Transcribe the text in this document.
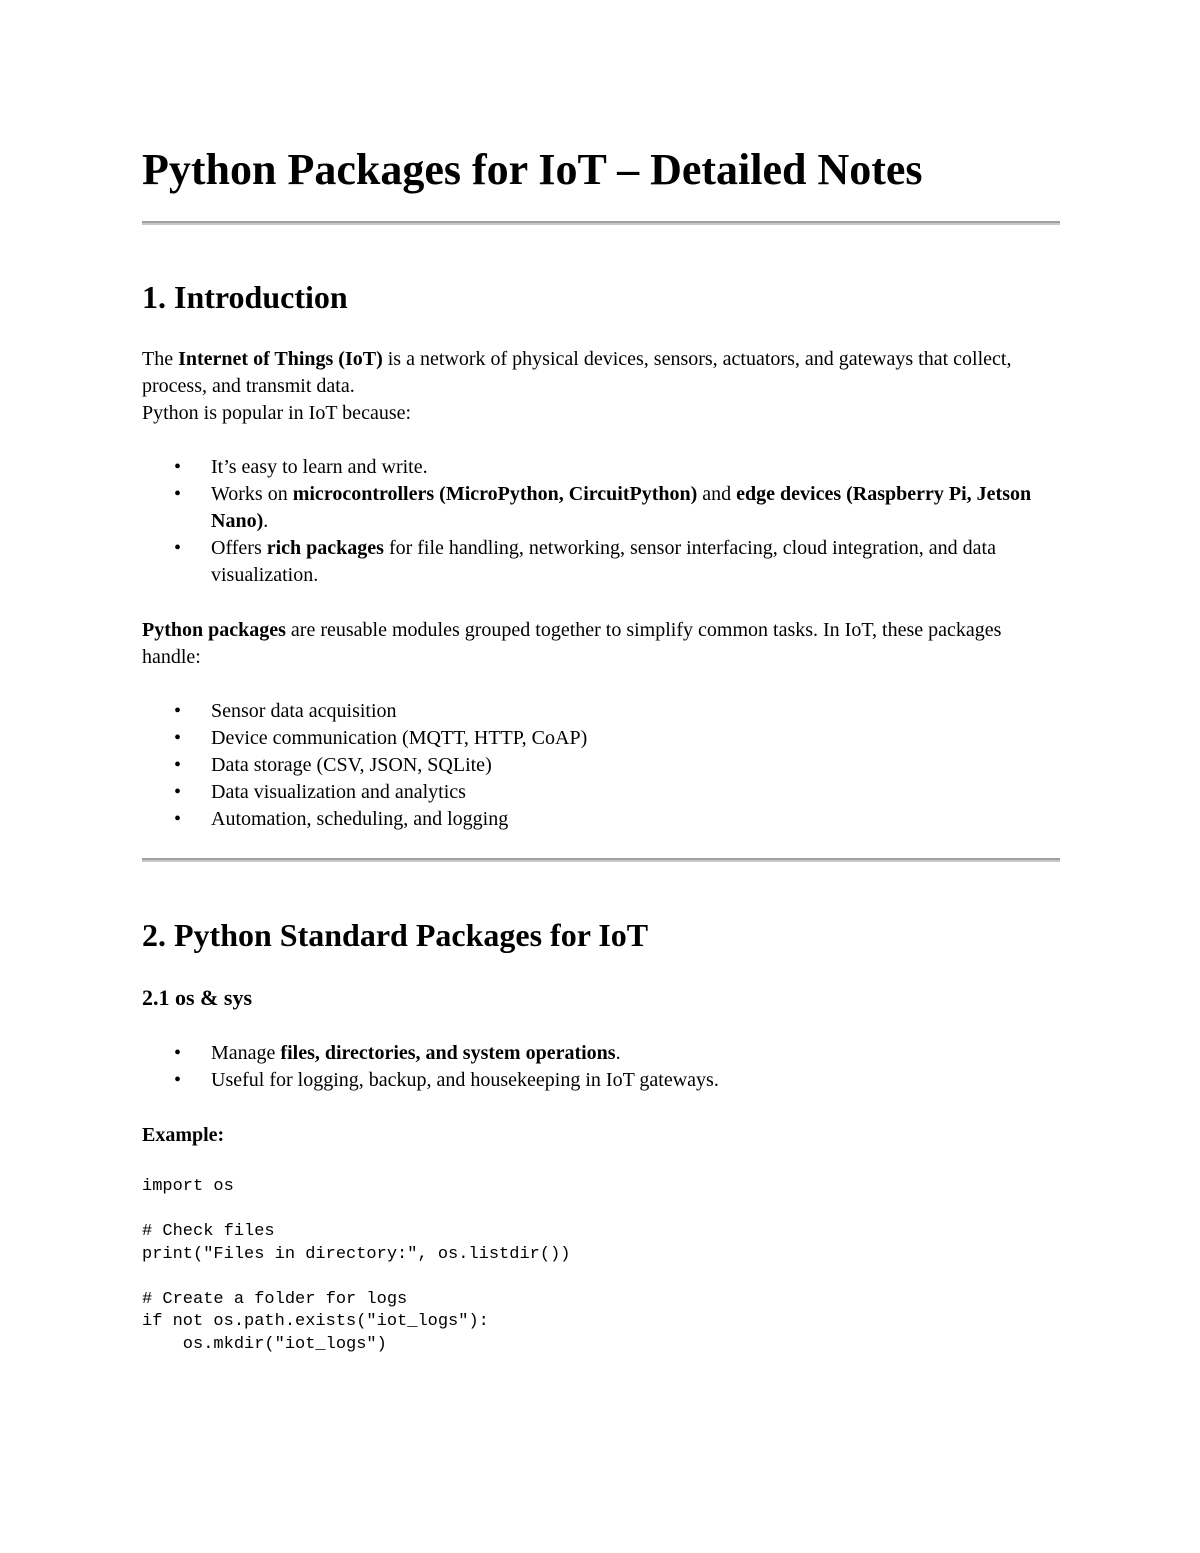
Python Packages for IoT – Detailed Notes
1. Introduction

The Internet of Things (IoT) is a network of physical devices, sensors, actuators, and gateways that collect, process, and transmit data.
Python is popular in IoT because:

•	It’s easy to learn and write.
•	Works on microcontrollers (MicroPython, CircuitPython) and edge devices (Raspberry Pi, Jetson Nano).
•	Offers rich packages for file handling, networking, sensor interfacing, cloud integration, and data visualization.

Python packages are reusable modules grouped together to simplify common tasks. In IoT, these packages handle:

•	Sensor data acquisition
•	Device communication (MQTT, HTTP, CoAP)
•	Data storage (CSV, JSON, SQLite)
•	Data visualization and analytics
•	Automation, scheduling, and logging
2. Python Standard Packages for IoT
2.1 os & sys
•	Manage files, directories, and system operations.
•	Useful for logging, backup, and housekeeping in IoT gateways.

Example:

import os

# Check files
print("Files in directory:", os.listdir())

# Create a folder for logs
if not os.path.exists("iot_logs"):
os.mkdir("iot_logs")
